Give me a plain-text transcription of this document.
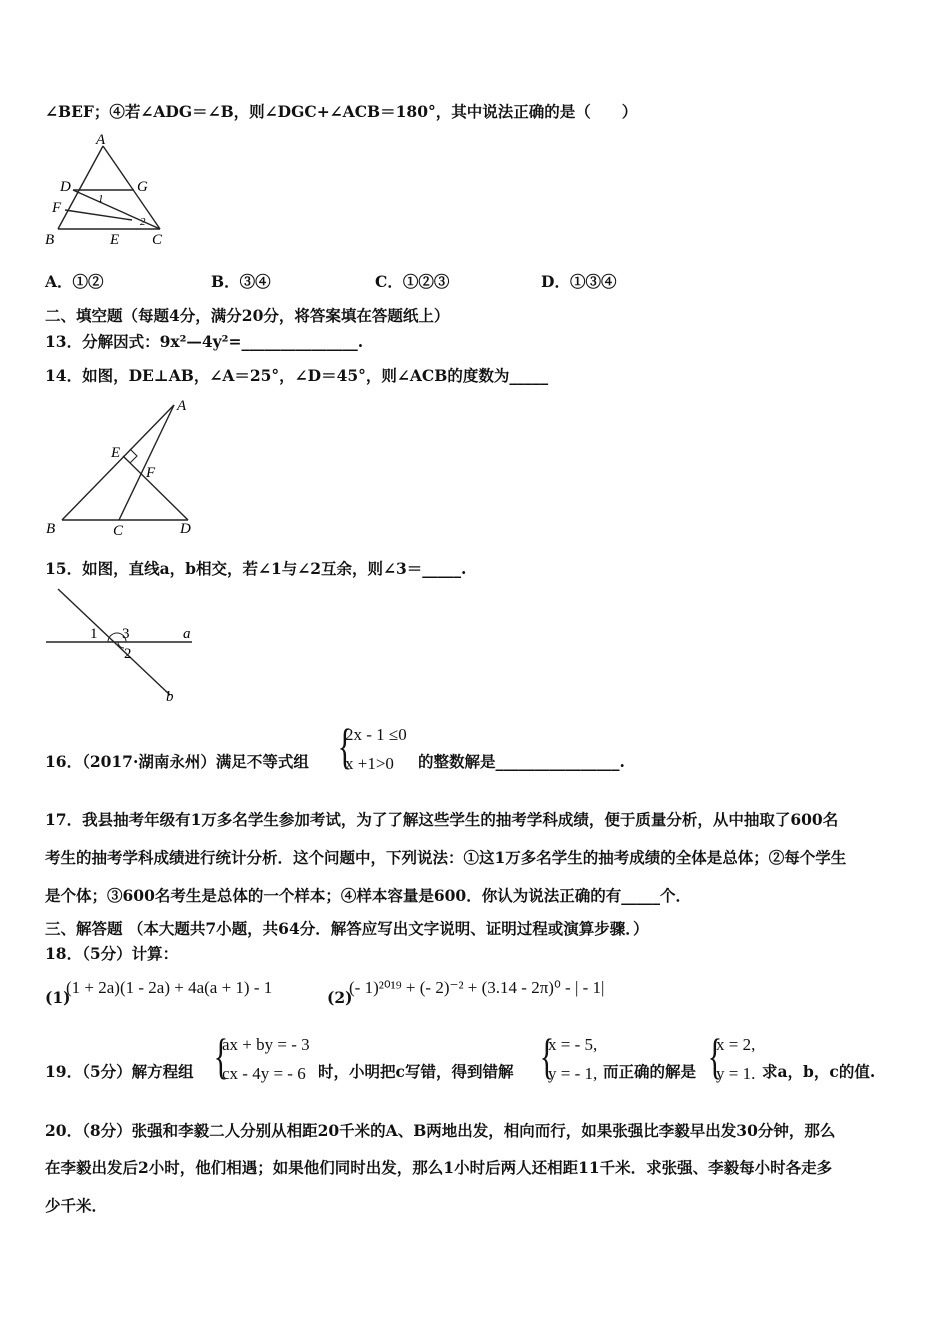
∠BEF；④若∠ADG＝∠B，则∠DGC+∠ACB＝180°，其中说法正确的是（　　）
A
D	G
F
1
2
B	E C
A．①②	B．③④	C．①②③	D．①③④
二、填空题（每题4分，满分20分，将答案填在答题纸上）
13．分解因式：9x²—4y²=_______________.
14．如图，DE⊥AB，∠A＝25°，∠D＝45°，则∠ACB的度数为_____
A
E
F
B	C	D
15．如图，直线a，b相交，若∠1与∠2互余，则∠3＝_____.
1 3	a
2
b
16．（2017·湖南永州）满足不等式组 {
2x - 1 ≤0
x +1>0 的整数解是________________.
17．我县抽考年级有1万多名学生参加考试，为了了解这些学生的抽考学科成绩，便于质量分析，从中抽取了600名
考生的抽考学科成绩进行统计分析．这个问题中，下列说法：①这1万多名学生的抽考成绩的全体是总体；②每个学生
是个体；③600名考生是总体的一个样本；④样本容量是600．你认为说法正确的有_____个．
三、解答题 （本大题共7小题，共64分．解答应写出文字说明、证明过程或演算步骤．）
18．（5分）计算：
(1)
(1 + 2a)(1 - 2a) + 4a(a + 1) - 1
(2)
(- 1)²⁰¹⁹ + (- 2)⁻² + (3.14 - 2π)⁰ - | - 1|
19．（5分）解方程组 {
ax + by = - 3
cx - 4y = - 6 时，小明把c写错，得到错解 {
x = - 5,
y = - 1, 而正确的解是 {
x = 2,
y = 1. 求a，b，c的值.
20．（8分）张强和李毅二人分别从相距20千米的A、B两地出发，相向而行，如果张强比李毅早出发30分钟，那么
在李毅出发后2小时，他们相遇；如果他们同时出发，那么1小时后两人还相距11千米．求张强、李毅每小时各走多
少千米．
